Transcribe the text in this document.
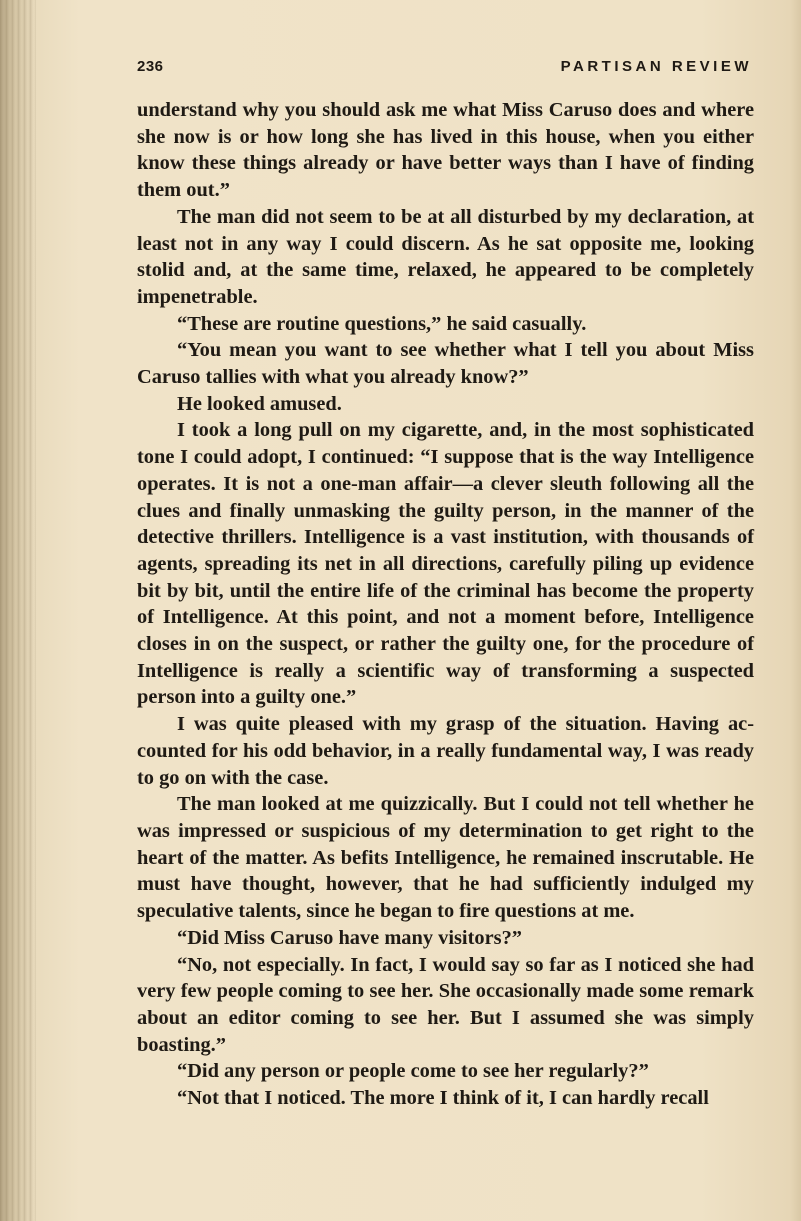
236	PARTISAN REVIEW

understand why you should ask me what Miss Caruso does and where she now is or how long she has lived in this house, when you either know these things already or have better ways than I have of finding them out.”

The man did not seem to be at all disturbed by my declaration, at least not in any way I could discern. As he sat opposite me, looking stolid and, at the same time, relaxed, he appeared to be completely impenetrable.

“These are routine questions,” he said casually.

“You mean you want to see whether what I tell you about Miss Caruso tallies with what you already know?”

He looked amused.

I took a long pull on my cigarette, and, in the most sophisticated tone I could adopt, I continued: “I suppose that is the way Intelligence operates. It is not a one-man affair—a clever sleuth following all the clues and finally unmasking the guilty person, in the manner of the detective thrillers. Intelligence is a vast institution, with thousands of agents, spreading its net in all directions, carefully piling up evidence bit by bit, until the entire life of the criminal has become the property of Intelligence. At this point, and not a moment before, Intelligence closes in on the suspect, or rather the guilty one, for the procedure of Intelligence is really a scientific way of transforming a suspected person into a guilty one.”

I was quite pleased with my grasp of the situation. Having accounted for his odd behavior, in a really fundamental way, I was ready to go on with the case.

The man looked at me quizzically. But I could not tell whether he was impressed or suspicious of my determination to get right to the heart of the matter. As befits Intelligence, he remained inscrutable. He must have thought, however, that he had sufficiently indulged my speculative talents, since he began to fire questions at me.

“Did Miss Caruso have many visitors?”

“No, not especially. In fact, I would say so far as I noticed she had very few people coming to see her. She occasionally made some remark about an editor coming to see her. But I assumed she was simply boasting.”

“Did any person or people come to see her regularly?”

“Not that I noticed. The more I think of it, I can hardly recall
